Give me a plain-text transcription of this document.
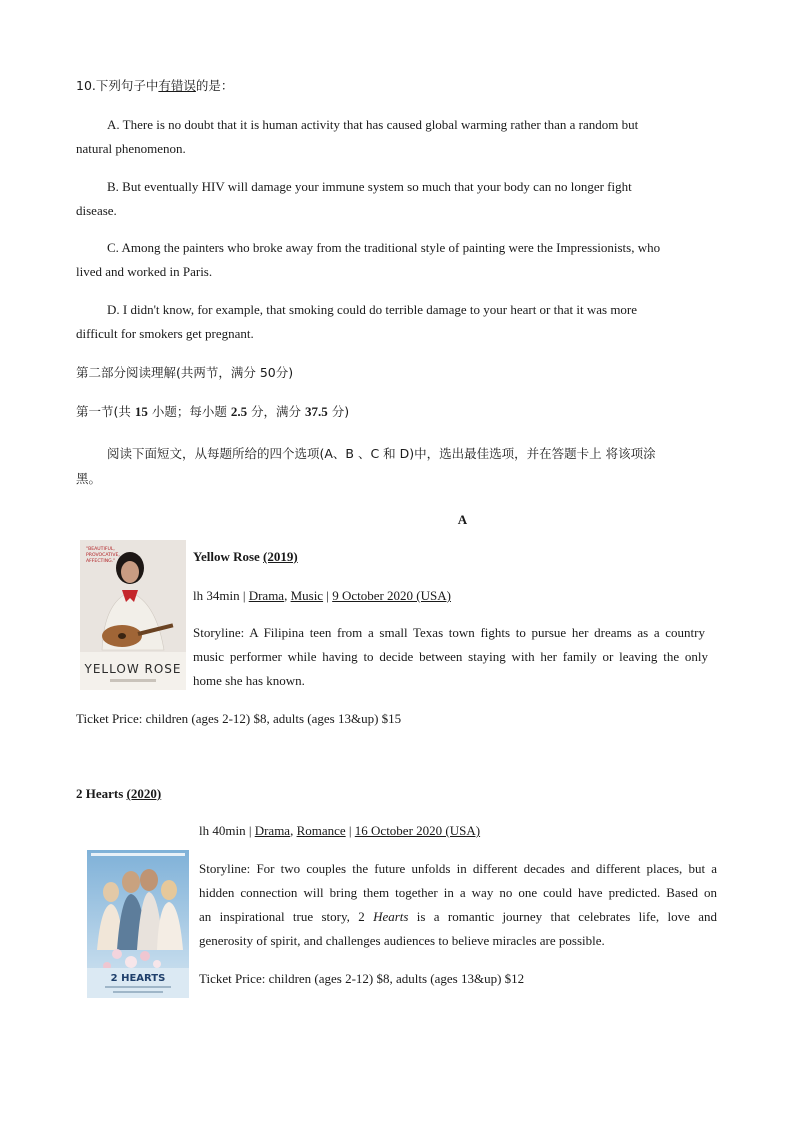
10.下列句子中有错误的是：
A. There is no doubt that it is human activity that has caused global warming rather than a random but
natural phenomenon.
B. But eventually HIV will damage your immune system so much that your body can no longer fight
disease.
C. Among the painters who broke away from the traditional style of painting were the Impressionists, who
lived and worked in Paris.
D. I didn't know, for example, that smoking could do terrible damage to your heart or that it was more
difficult for smokers get pregnant.
第二部分阅读理解(共两节，满分 50分)
第一节(共 15 小题；每小题 2.5 分，满分 37.5 分)
阅读下面短文，从每题所给的四个选项(A、B 、C 和 D)中，选出最佳选项，并在答题卡上 将该项涂
黑。
A
"BEAUTIFUL,
PROVOCATIVE,
AFFECTING."
YELLOW ROSE
Yellow Rose (2019)
lh 34min | Drama, Music | 9 October 2020 (USA)
Storyline: A Filipina teen from a small Texas town fights to pursue her dreams as a country
music performer while having to decide between staying with her family or leaving the only
home she has known.
Ticket Price: children (ages 2-12) $8, adults (ages 13&up) $15
2 Hearts (2020)
lh 40min | Drama, Romance | 16 October 2020 (USA)
2 HEARTS
Storyline: For two couples the future unfolds in different decades and different places, but a
hidden connection will bring them together in a way no one could have predicted. Based on
an inspirational true story, 2 Hearts is a romantic journey that celebrates life, love and
generosity of spirit, and challenges audiences to believe miracles are possible.
Ticket Price: children (ages 2-12) $8, adults (ages 13&up) $12
